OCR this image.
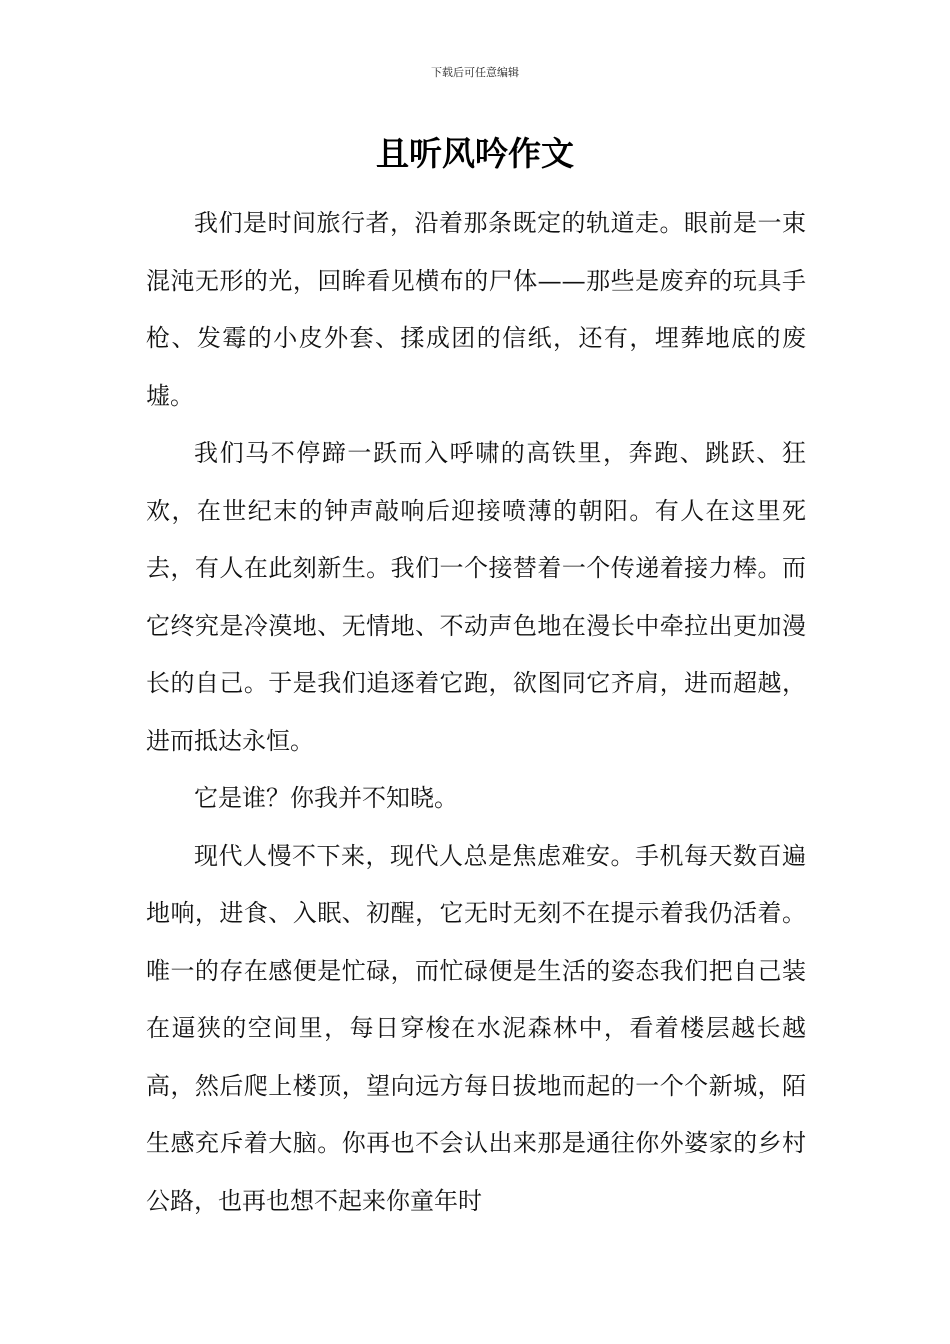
下载后可任意编辑
且听风吟作文

我们是时间旅行者，沿着那条既定的轨道走。眼前是一束混沌无形的光，回眸看见横布的尸体——那些是废弃的玩具手枪、发霉的小皮外套、揉成团的信纸，还有，埋葬地底的废墟。

我们马不停蹄一跃而入呼啸的高铁里，奔跑、跳跃、狂欢，在世纪末的钟声敲响后迎接喷薄的朝阳。有人在这里死去，有人在此刻新生。我们一个接替着一个传递着接力棒。而它终究是冷漠地、无情地、不动声色地在漫长中牵拉出更加漫长的自己。于是我们追逐着它跑，欲图同它齐肩，进而超越，进而抵达永恒。

它是谁？你我并不知晓。

现代人慢不下来，现代人总是焦虑难安。手机每天数百遍地响，进食、入眠、初醒，它无时无刻不在提示着我仍活着。唯一的存在感便是忙碌，而忙碌便是生活的姿态我们把自己装在逼狭的空间里，每日穿梭在水泥森林中，看着楼层越长越高，然后爬上楼顶，望向远方每日拔地而起的一个个新城，陌生感充斥着大脑。你再也不会认出来那是通往你外婆家的乡村公路，也再也想不起来你童年时
